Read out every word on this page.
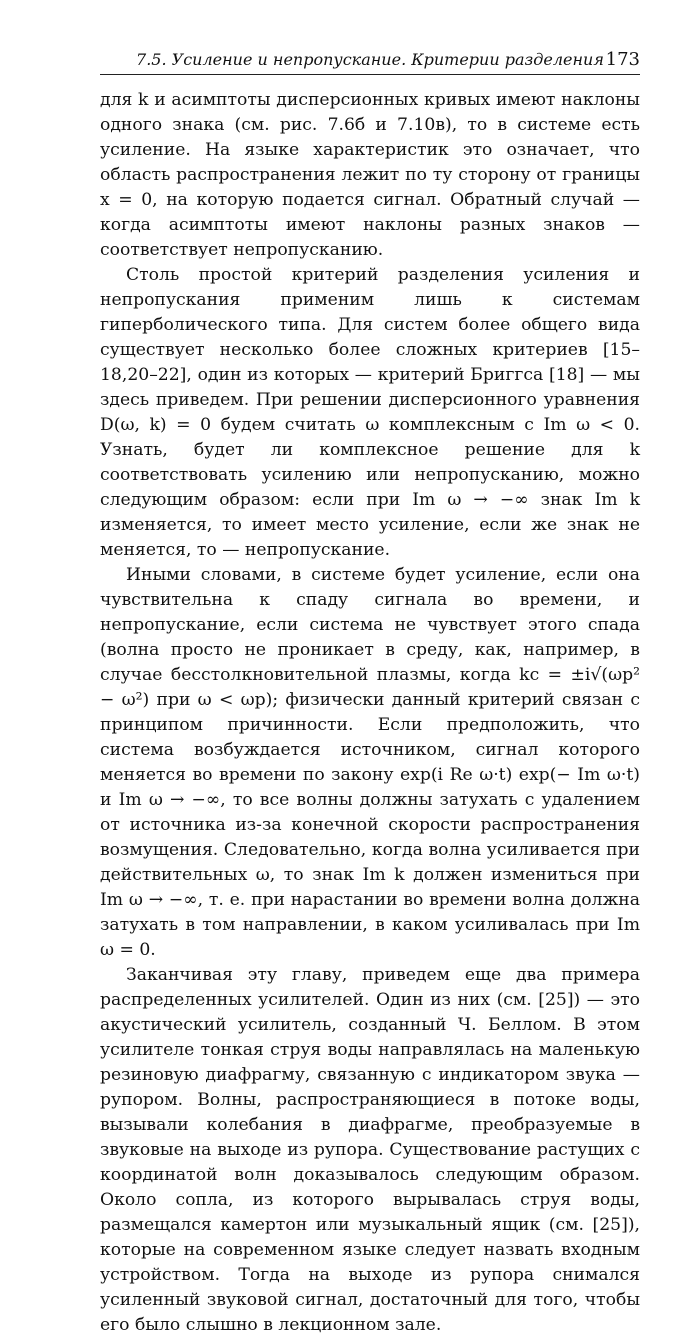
7.5. Усиление и непропускание. Критерии разделения 173

для k и асимптоты дисперсионных кривых имеют наклоны одного знака (см. рис. 7.6б и 7.10в), то в системе есть усиление. На языке характеристик это означает, что область распространения лежит по ту сторону от границы x = 0, на которую подается сигнал. Обратный случай — когда асимптоты имеют наклоны разных знаков — соответствует непропусканию.

Столь простой критерий разделения усиления и непропускания применим лишь к системам гиперболического типа. Для систем более общего вида существует несколько более сложных критериев [15–18,20–22], один из которых — критерий Бриггса [18] — мы здесь приведем. При решении дисперсионного уравнения D(ω, k) = 0 будем считать ω комплексным с Im ω < 0. Узнать, будет ли комплексное решение для k соответствовать усилению или непропусканию, можно следующим образом: если при Im ω → −∞ знак Im k изменяется, то имеет место усиление, если же знак не меняется, то — непропускание.

Иными словами, в системе будет усиление, если она чувствительна к спаду сигнала во времени, и непропускание, если система не чувствует этого спада (волна просто не проникает в среду, как, например, в случае бесстолкновительной плазмы, когда kc = ±i√(ωp² − ω²) при ω < ωp); физически данный критерий связан с принципом причинности. Если предположить, что система возбуждается источником, сигнал которого меняется во времени по закону exp(i Re ω·t) exp(− Im ω·t) и Im ω → −∞, то все волны должны затухать с удалением от источника из-за конечной скорости распространения возмущения. Следовательно, когда волна усиливается при действительных ω, то знак Im k должен измениться при Im ω → −∞, т. е. при нарастании во времени волна должна затухать в том направлении, в каком усиливалась при Im ω = 0.

Заканчивая эту главу, приведем еще два примера распределенных усилителей. Один из них (см. [25]) — это акустический усилитель, созданный Ч. Беллом. В этом усилителе тонкая струя воды направлялась на маленькую резиновую диафрагму, связанную с индикатором звука — рупором. Волны, распространяющиеся в потоке воды, вызывали колебания в диафрагме, преобразуемые в звуковые на выходе из рупора. Существование растущих с координатой волн доказывалось следующим образом. Около сопла, из которого вырывалась струя воды, размещался камертон или музыкальный ящик (см. [25]), которые на современном языке следует назвать входным устройством. Тогда на выходе из рупора снимался усиленный звуковой сигнал, достаточный для того, чтобы его было слышно в лекционном зале.
